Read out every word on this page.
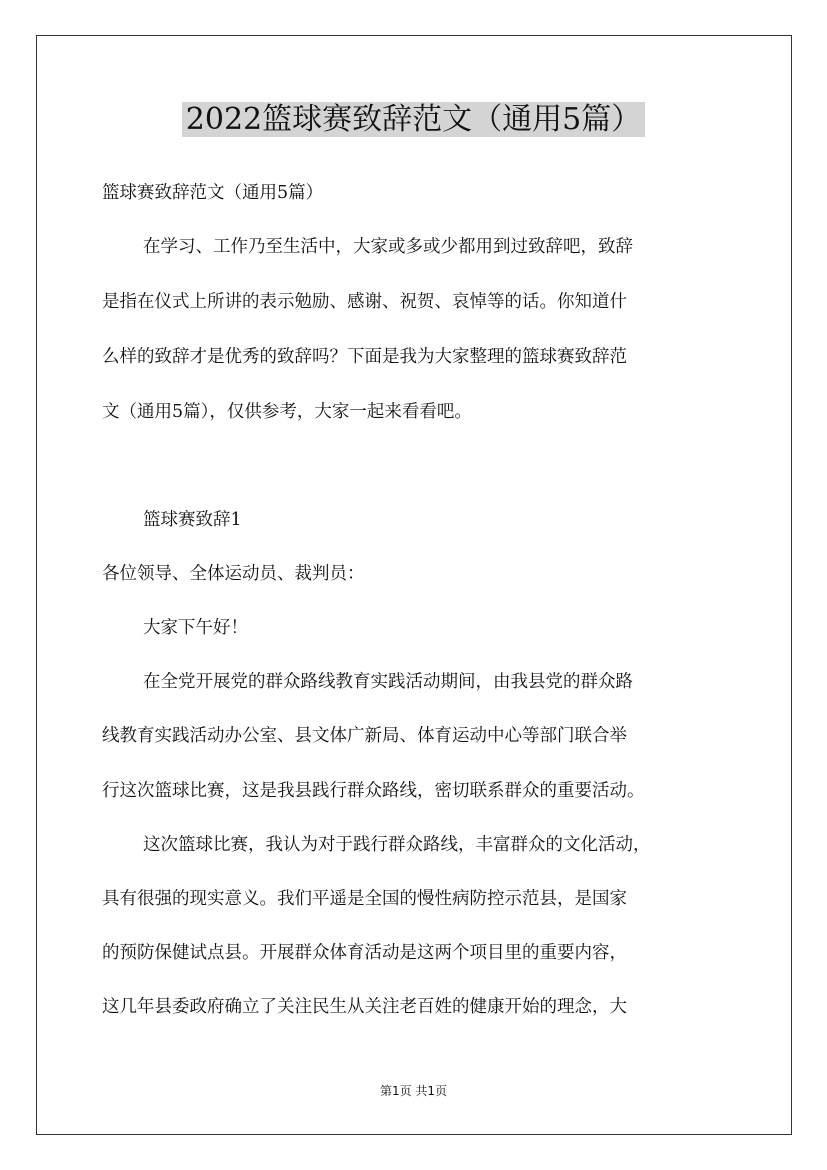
2022篮球赛致辞范文（通用5篇）

篮球赛致辞范文（通用5篇）

在学习、工作乃至生活中，大家或多或少都用到过致辞吧，致辞

是指在仪式上所讲的表示勉励、感谢、祝贺、哀悼等的话。你知道什

么样的致辞才是优秀的致辞吗？下面是我为大家整理的篮球赛致辞范

文（通用5篇），仅供参考，大家一起来看看吧。

篮球赛致辞1

各位领导、全体运动员、裁判员：

大家下午好！

在全党开展党的群众路线教育实践活动期间，由我县党的群众路

线教育实践活动办公室、县文体广新局、体育运动中心等部门联合举

行这次篮球比赛，这是我县践行群众路线，密切联系群众的重要活动。

这次篮球比赛，我认为对于践行群众路线，丰富群众的文化活动，

具有很强的现实意义。我们平遥是全国的慢性病防控示范县，是国家

的预防保健试点县。开展群众体育活动是这两个项目里的重要内容，

这几年县委政府确立了关注民生从关注老百姓的健康开始的理念，大

第1页 共1页
